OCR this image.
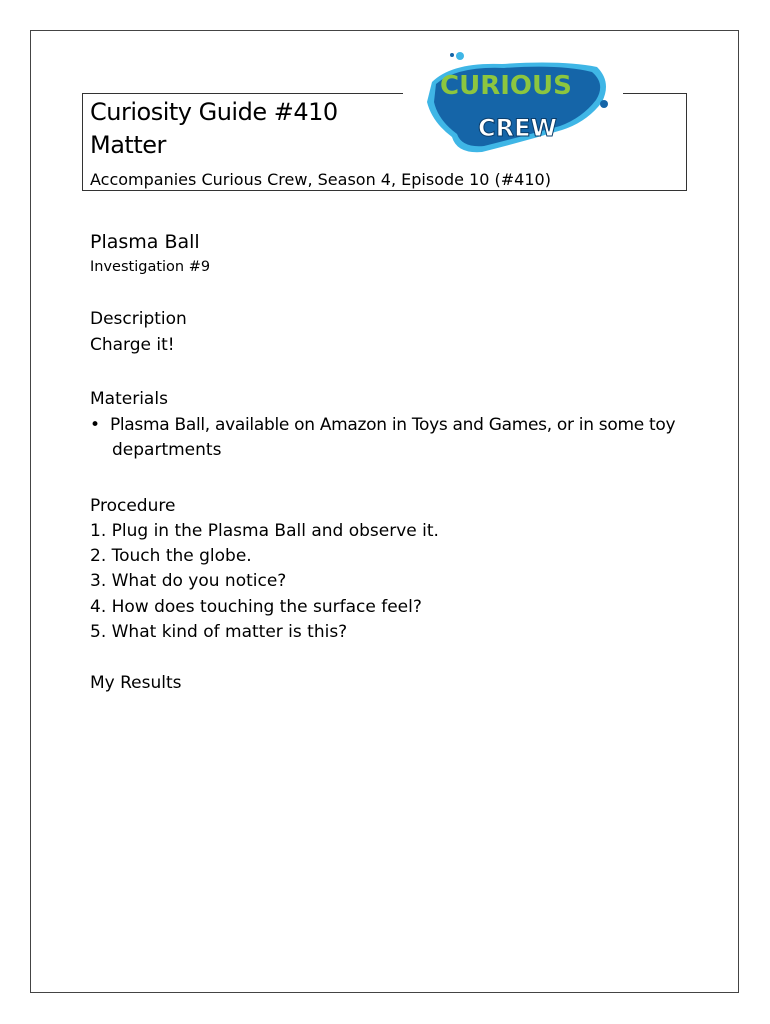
CURIOUS
CREW
Curiosity Guide #410
Matter
Accompanies Curious Crew, Season 4, Episode 10 (#410)
Plasma Ball
Investigation #9
Description
Charge it!
Materials
•  Plasma Ball, available on Amazon in Toys and Games, or in some toy
departments
Procedure
1. Plug in the Plasma Ball and observe it.
2. Touch the globe.
3. What do you notice?
4. How does touching the surface feel?
5. What kind of matter is this?
My Results
